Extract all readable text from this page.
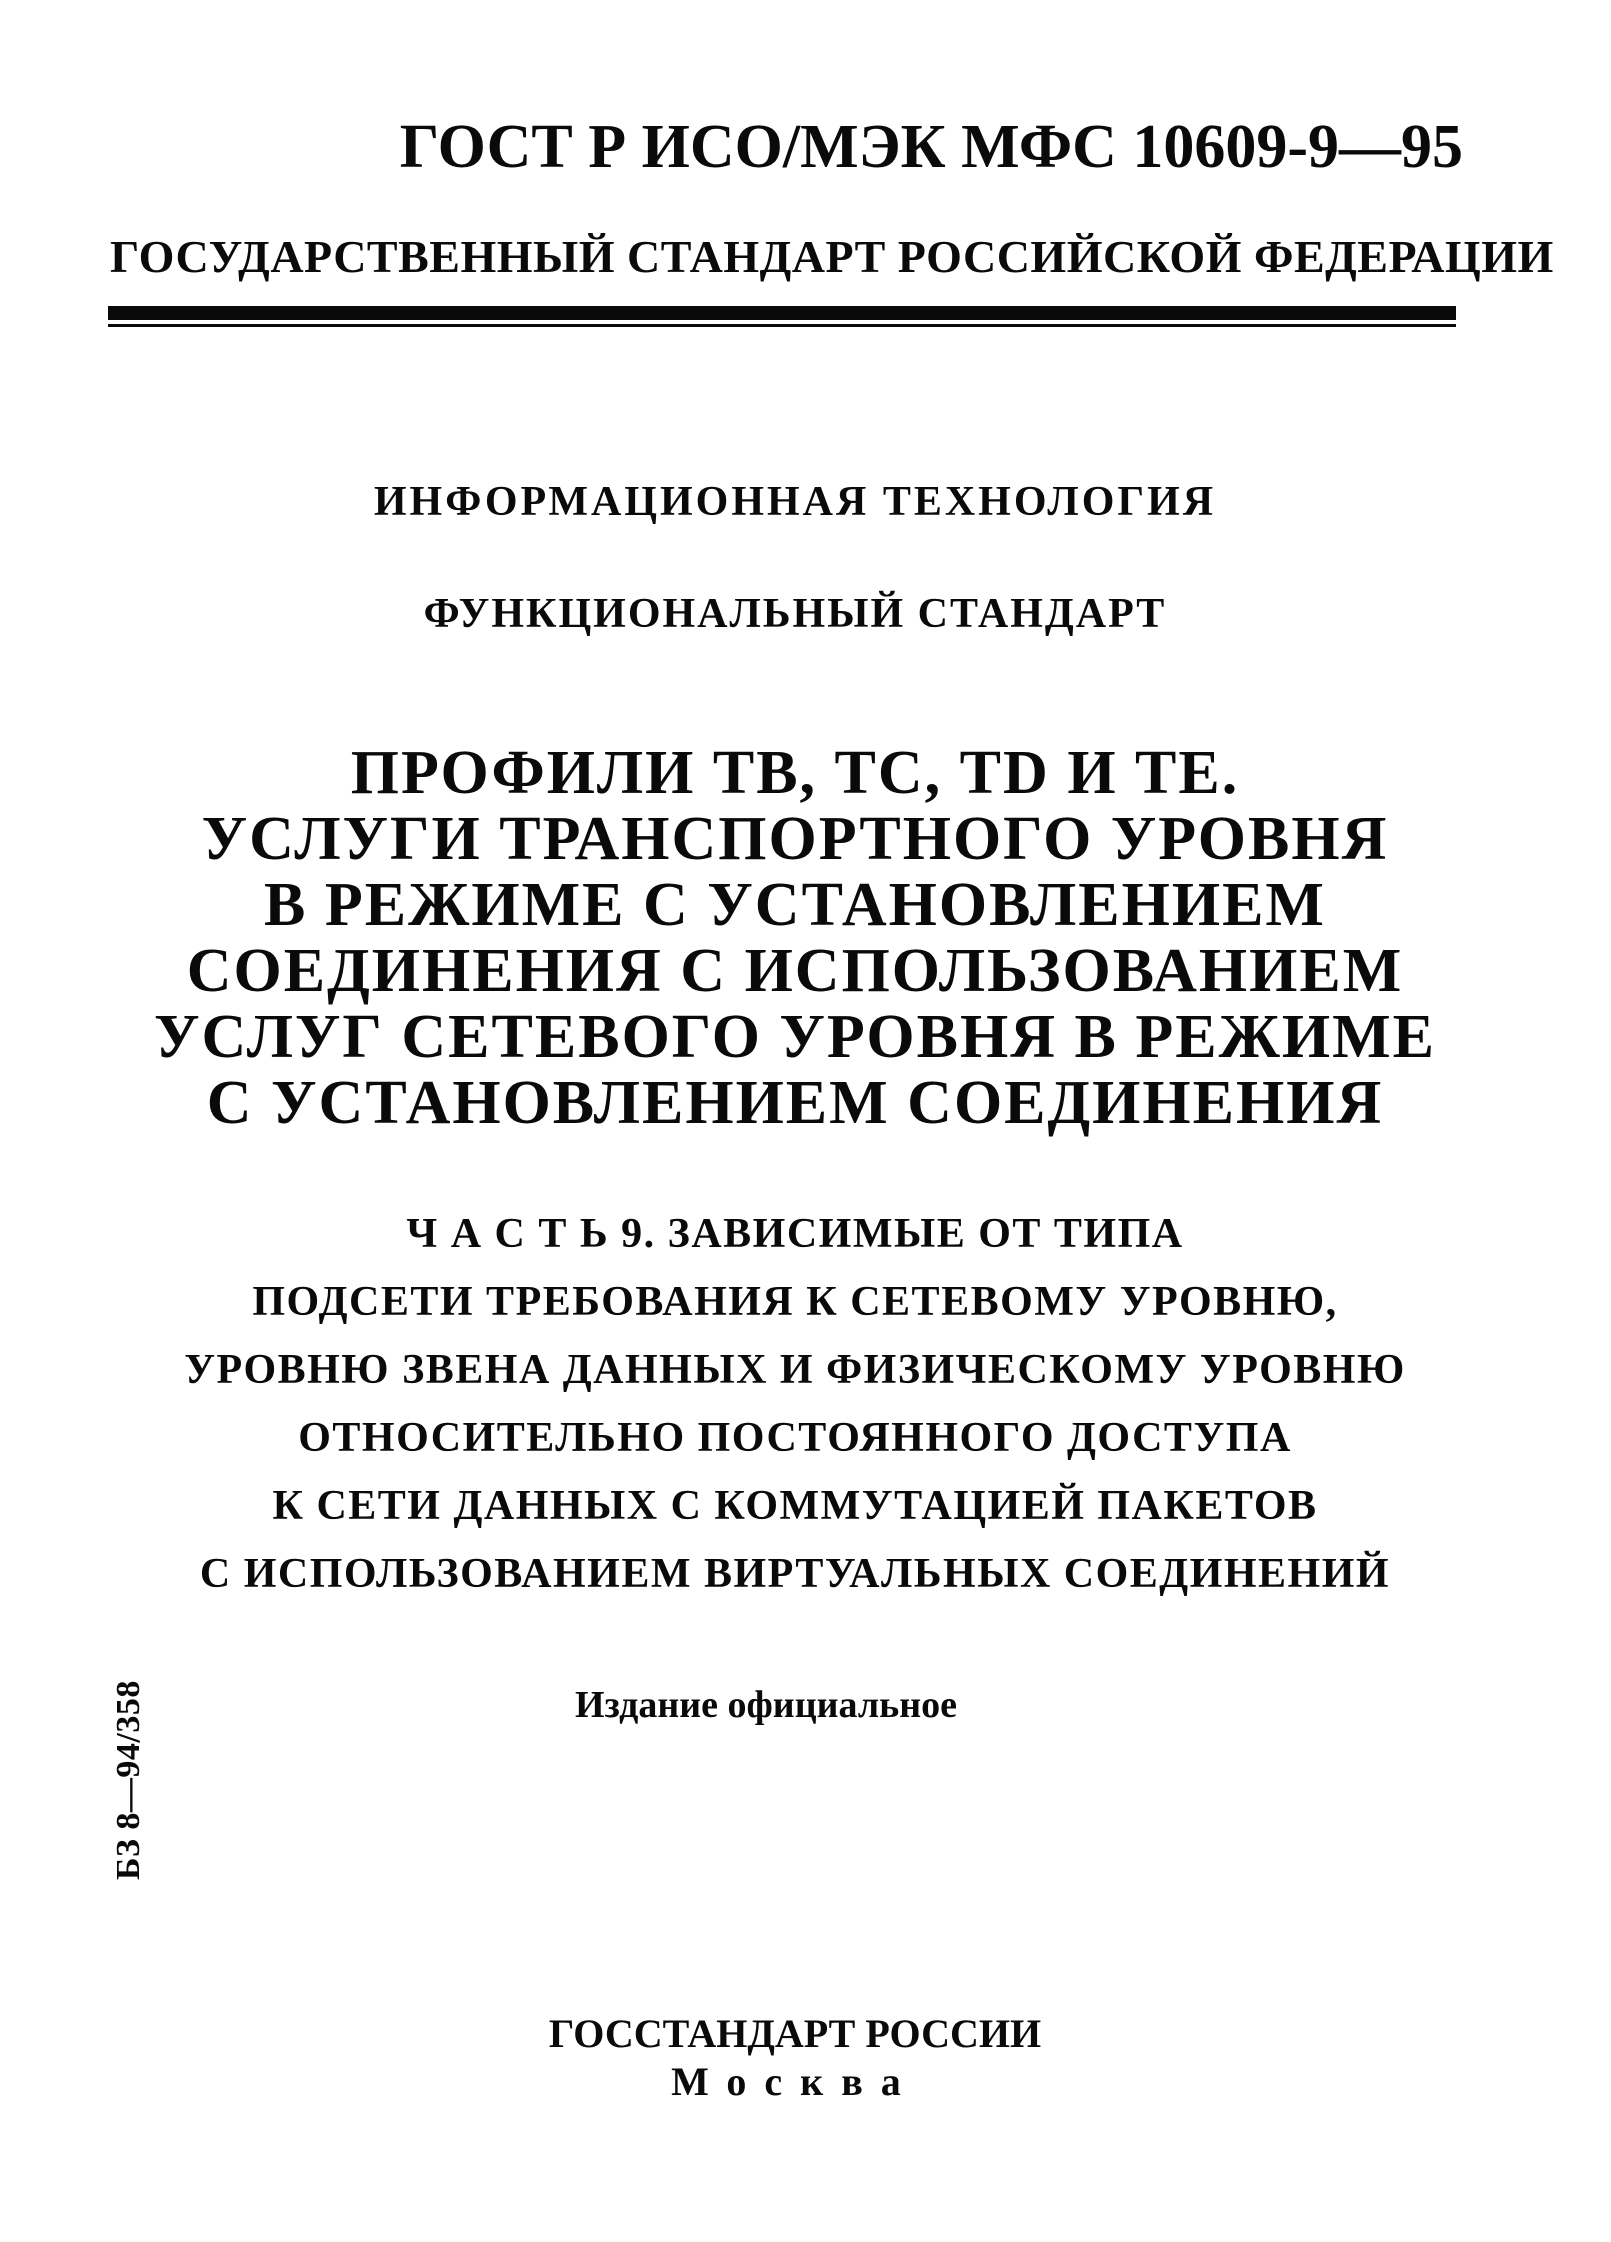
ГОСТ Р ИСО/МЭК МФС 10609-9—95
ГОСУДАРСТВЕННЫЙ СТАНДАРТ РОССИЙСКОЙ ФЕДЕРАЦИИ
ИНФОРМАЦИОННАЯ ТЕХНОЛОГИЯ
ФУНКЦИОНАЛЬНЫЙ СТАНДАРТ
ПРОФИЛИ ТВ, ТС, TD И ТЕ.
УСЛУГИ ТРАНСПОРТНОГО УРОВНЯ
В РЕЖИМЕ С УСТАНОВЛЕНИЕМ
СОЕДИНЕНИЯ С ИСПОЛЬЗОВАНИЕМ
УСЛУГ СЕТЕВОГО УРОВНЯ В РЕЖИМЕ
С УСТАНОВЛЕНИЕМ СОЕДИНЕНИЯ
Ч А С Т Ь 9. ЗАВИСИМЫЕ ОТ ТИПА
ПОДСЕТИ ТРЕБОВАНИЯ К СЕТЕВОМУ УРОВНЮ,
УРОВНЮ ЗВЕНА ДАННЫХ И ФИЗИЧЕСКОМУ УРОВНЮ
ОТНОСИТЕЛЬНО ПОСТОЯННОГО ДОСТУПА
К СЕТИ ДАННЫХ С КОММУТАЦИЕЙ ПАКЕТОВ
С ИСПОЛЬЗОВАНИЕМ ВИРТУАЛЬНЫХ СОЕДИНЕНИЙ
БЗ 8—94/358	Издание официальное
ГОССТАНДАРТ РОССИИ
Москва
